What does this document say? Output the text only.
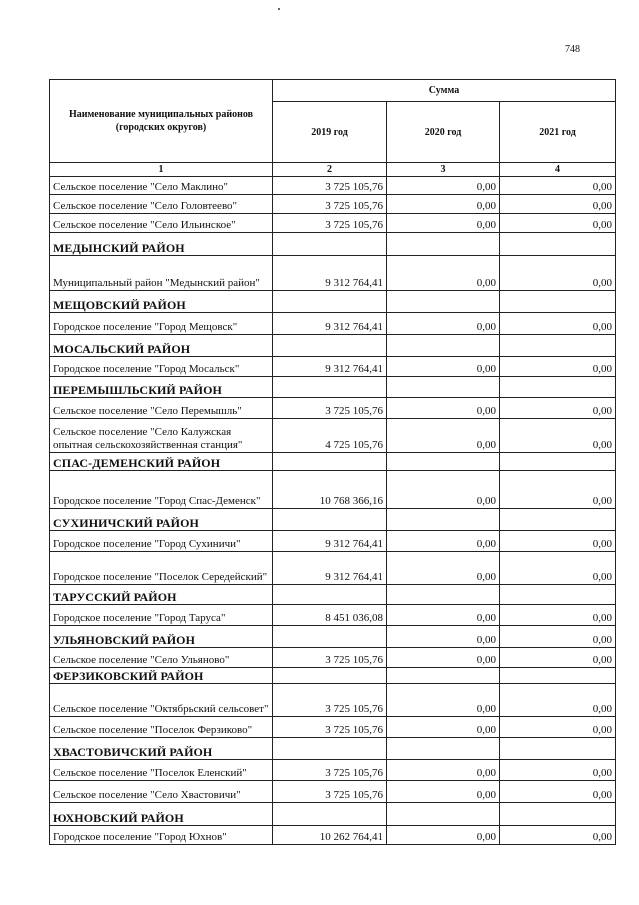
748
Наименование муниципальных районов (городских округов)	Сумма		
	2019 год	2020 год	2021 год
1	2	3	4
Сельское поселение "Село Маклино"	3 725 105,76	0,00	0,00
Сельское поселение "Село Головтеево"	3 725 105,76	0,00	0,00
Сельское поселение "Село Ильинское"	3 725 105,76	0,00	0,00
МЕДЫНСКИЙ РАЙОН			
Муниципальный район "Медынский район"	9 312 764,41	0,00	0,00
МЕЩОВСКИЙ РАЙОН			
Городское поселение "Город Мещовск"	9 312 764,41	0,00	0,00
МОСАЛЬСКИЙ РАЙОН			
Городское поселение "Город Мосальск"	9 312 764,41	0,00	0,00
ПЕРЕМЫШЛЬСКИЙ РАЙОН			
Сельское поселение "Село Перемышль"	3 725 105,76	0,00	0,00
Сельское поселение "Село Калужская опытная сельскохозяйственная станция"	4 725 105,76	0,00	0,00
СПАС-ДЕМЕНСКИЙ РАЙОН			
Городское поселение "Город Спас-Деменск"	10 768 366,16	0,00	0,00
СУХИНИЧСКИЙ РАЙОН			
Городское поселение "Город Сухиничи"	9 312 764,41	0,00	0,00
Городское поселение "Поселок Середейский"	9 312 764,41	0,00	0,00
ТАРУССКИЙ РАЙОН			
Городское поселение "Город Таруса"	8 451 036,08	0,00	0,00
УЛЬЯНОВСКИЙ РАЙОН		0,00	0,00
Сельское поселение "Село Ульяново"	3 725 105,76	0,00	0,00
ФЕРЗИКОВСКИЙ РАЙОН			
Сельское поселение "Октябрьский сельсовет"	3 725 105,76	0,00	0,00
Сельское поселение "Поселок Ферзиково"	3 725 105,76	0,00	0,00
ХВАСТОВИЧСКИЙ РАЙОН			
Сельское поселение "Поселок Еленский"	3 725 105,76	0,00	0,00
Сельское поселение "Село Хвастовичи"	3 725 105,76	0,00	0,00
ЮХНОВСКИЙ РАЙОН			
Городское поселение "Город Юхнов"	10 262 764,41	0,00	0,00
